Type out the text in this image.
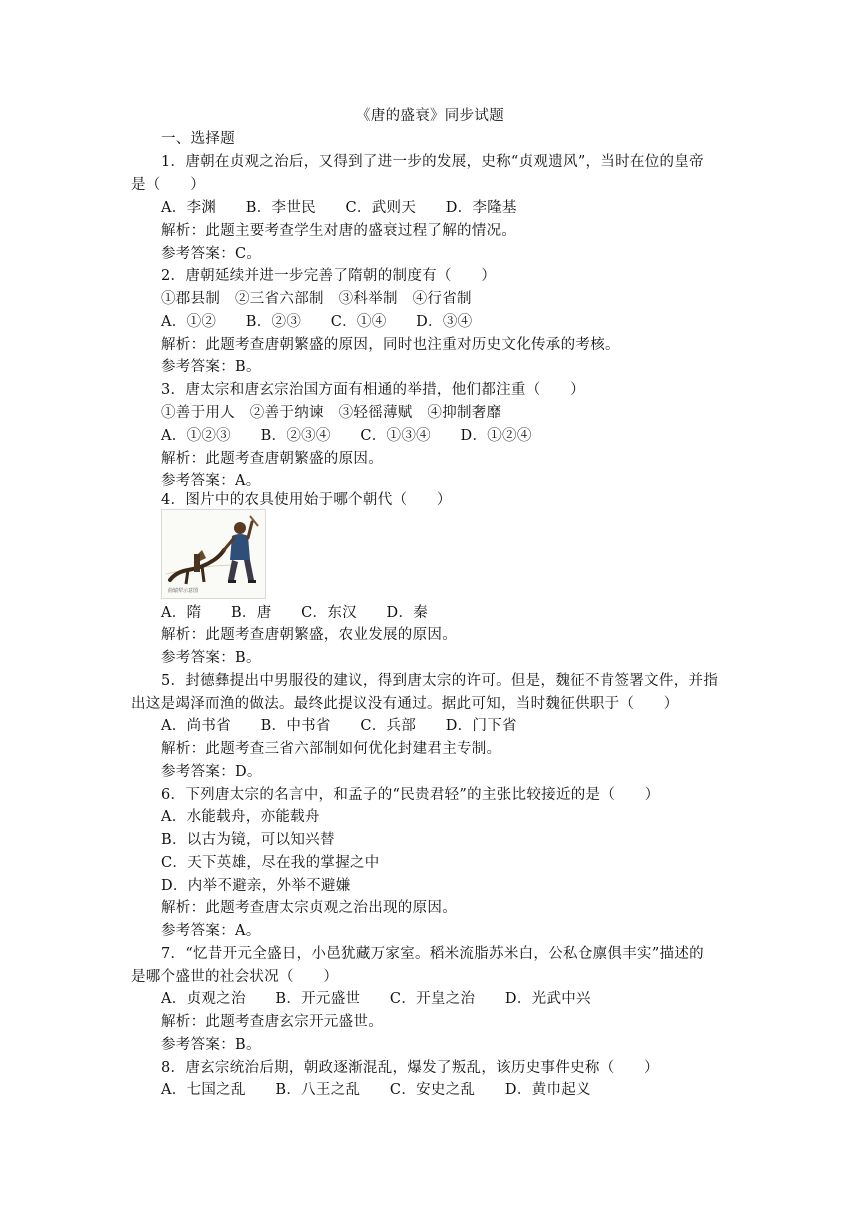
《唐的盛衰》同步试题
一、选择题
1．唐朝在贞观之治后，又得到了进一步的发展，史称“贞观遗风”，当时在位的皇帝
是（　　）
A．李渊　　B．李世民　　C．武则天　　D．李隆基
解析：此题主要考查学生对唐的盛衰过程了解的情况。
参考答案：C。
2．唐朝延续并进一步完善了隋朝的制度有（　　）
①郡县制　②三省六部制　③科举制　④行省制
A．①②　　B．②③　　C．①④　　D．③④
解析：此题考查唐朝繁盛的原因，同时也注重对历史文化传承的考核。
参考答案：B。
3．唐太宗和唐玄宗治国方面有相通的举措，他们都注重（　　）
①善于用人　②善于纳谏　③轻徭薄赋　④抑制奢靡
A．①②③　　B．②③④　　C．①③④　　D．①②④
解析：此题考查唐朝繁盛的原因。
参考答案：A。
4．图片中的农具使用始于哪个朝代（　　）
曲辕犁示意图
A．隋　　B．唐　　C．东汉　　D．秦
解析：此题考查唐朝繁盛，农业发展的原因。
参考答案：B。
5．封德彝提出中男服役的建议，得到唐太宗的许可。但是，魏征不肯签署文件，并指
出这是竭泽而渔的做法。最终此提议没有通过。据此可知，当时魏征供职于（　　）
A．尚书省　　B．中书省　　C．兵部　　D．门下省
解析：此题考查三省六部制如何优化封建君主专制。
参考答案：D。
6．下列唐太宗的名言中，和孟子的“民贵君轻”的主张比较接近的是（　　）
A．水能载舟，亦能载舟
B．以古为镜，可以知兴替
C．天下英雄，尽在我的掌握之中
D．内举不避亲，外举不避嫌
解析：此题考查唐太宗贞观之治出现的原因。
参考答案：A。
7．“忆昔开元全盛日，小邑犹藏万家室。稻米流脂苏米白，公私仓廪俱丰实”描述的
是哪个盛世的社会状况（　　）
A．贞观之治　　B．开元盛世　　C．开皇之治　　D．光武中兴
解析：此题考查唐玄宗开元盛世。
参考答案：B。
8．唐玄宗统治后期，朝政逐渐混乱，爆发了叛乱，该历史事件史称（　　）
A．七国之乱　　B．八王之乱　　C．安史之乱　　D．黄巾起义
